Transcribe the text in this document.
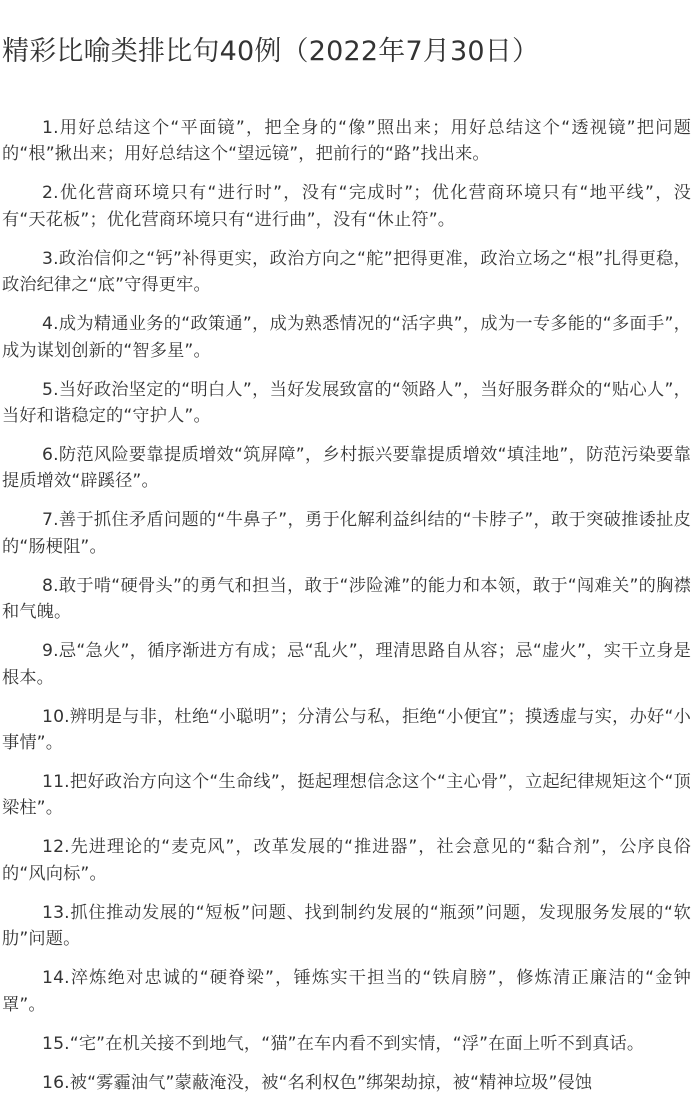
精彩比喻类排比句40例（2022年7月30日）

1.用好总结这个“平面镜”，把全身的“像”照出来；用好总结这个“透视镜”把问题的“根”揪出来；用好总结这个“望远镜”，把前行的“路”找出来。

2.优化营商环境只有“进行时”，没有“完成时”；优化营商环境只有“地平线”，没有“天花板”；优化营商环境只有“进行曲”，没有“休止符”。

3.政治信仰之“钙”补得更实，政治方向之“舵”把得更准，政治立场之“根”扎得更稳，政治纪律之“底”守得更牢。

4.成为精通业务的“政策通”，成为熟悉情况的“活字典”，成为一专多能的“多面手”，成为谋划创新的“智多星”。

5.当好政治坚定的“明白人”，当好发展致富的“领路人”，当好服务群众的“贴心人”，当好和谐稳定的“守护人”。

6.防范风险要靠提质增效“筑屏障”，乡村振兴要靠提质增效“填洼地”，防范污染要靠提质增效“辟蹊径”。

7.善于抓住矛盾问题的“牛鼻子”，勇于化解利益纠结的“卡脖子”，敢于突破推诿扯皮的“肠梗阻”。

8.敢于啃“硬骨头”的勇气和担当，敢于“涉险滩”的能力和本领，敢于“闯难关”的胸襟和气魄。

9.忌“急火”，循序渐进方有成；忌“乱火”，理清思路自从容；忌“虚火”，实干立身是根本。

10.辨明是与非，杜绝“小聪明”；分清公与私，拒绝“小便宜”；摸透虚与实，办好“小事情”。

11.把好政治方向这个“生命线”，挺起理想信念这个“主心骨”，立起纪律规矩这个“顶梁柱”。

12.先进理论的“麦克风”，改革发展的“推进器”，社会意见的“黏合剂”，公序良俗的“风向标”。

13.抓住推动发展的“短板”问题、找到制约发展的“瓶颈”问题，发现服务发展的“软肋”问题。

14.淬炼绝对忠诚的“硬脊梁”，锤炼实干担当的“铁肩膀”，修炼清正廉洁的“金钟罩”。

15.“宅”在机关接不到地气，“猫”在车内看不到实情，“浮”在面上听不到真话。

16.被“雾霾油气”蒙蔽淹没，被“名利权色”绑架劫掠，被“精神垃圾”侵蚀
